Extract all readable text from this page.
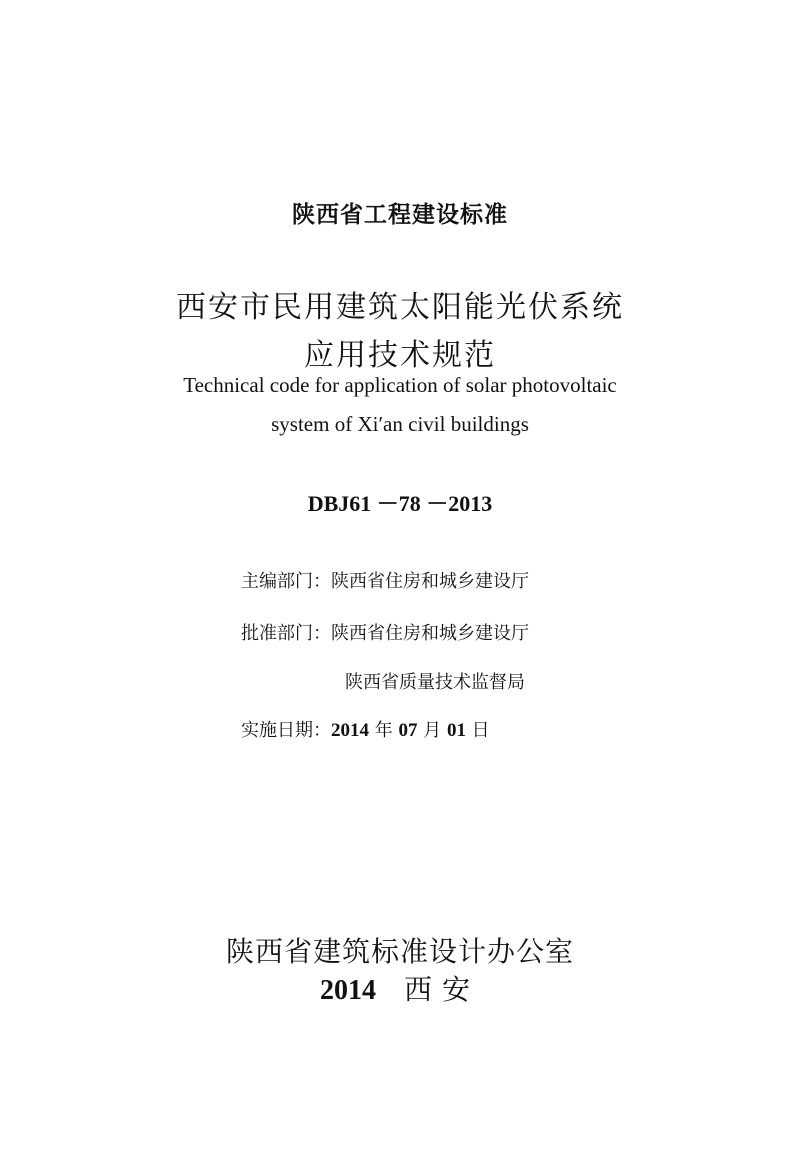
陕西省工程建设标准
西安市民用建筑太阳能光伏系统
应用技术规范
Technical code for application of solar photovoltaic
system of Xi′an civil buildings
DBJ61 －78 －2013
主编部门：陕西省住房和城乡建设厅
批准部门：陕西省住房和城乡建设厅
陕西省质量技术监督局
实施日期：2014 年 07 月 01 日
陕西省建筑标准设计办公室
2014 西安
